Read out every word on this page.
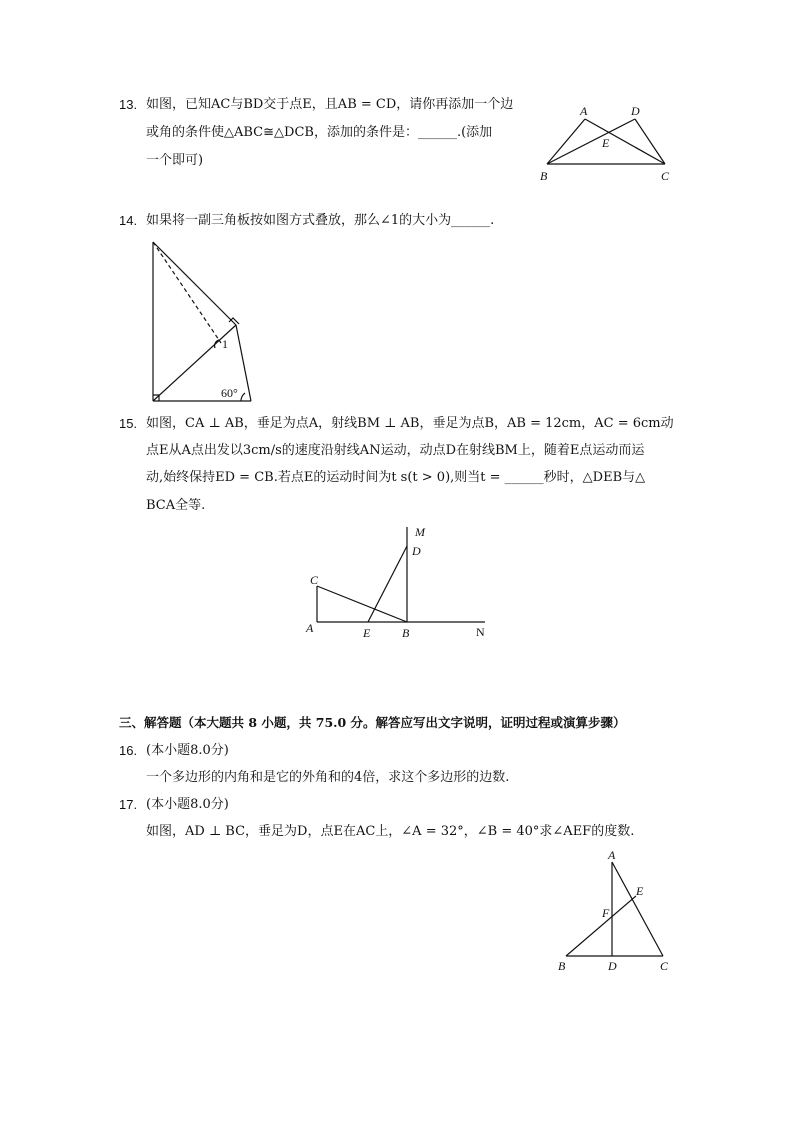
13. 如图，已知AC与BD交于点E，且AB = CD，请你再添加一个边
或角的条件使△ABC≅△DCB，添加的条件是：______.(添加
一个即可)
A	D
E
B	C
14. 如果将一副三角板按如图方式叠放，那么∠1的大小为______.
1
60°
15. 如图，CA ⊥ AB，垂足为点A，射线BM ⊥ AB，垂足为点B，AB = 12cm，AC = 6cm动
点E从A点出发以3cm/s的速度沿射线AN运动，动点D在射线BM上，随着E点运动而运
动,始终保持ED = CB.若点E的运动时间为t s(t > 0),则当t = ______秒时，△DEB与△
BCA全等.
M
D
C
A	E	B	N
三、解答题（本大题共 8 小题，共 75.0 分。解答应写出文字说明，证明过程或演算步骤）
16. (本小题8.0分)
一个多边形的内角和是它的外角和的4倍，求这个多边形的边数.
17. (本小题8.0分)
如图，AD ⊥ BC，垂足为D，点E在AC上，∠A = 32°，∠B = 40°求∠AEF的度数.
A
E
F
B	D	C
